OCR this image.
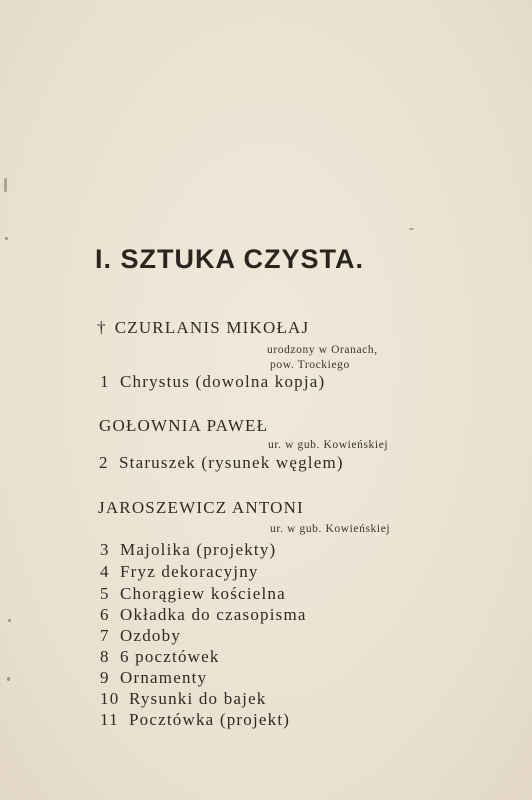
I. SZTUKA CZYSTA.
† CZURLANIS MIKOŁAJ
urodzony w Oranach,
pow. Trockiego
1 Chrystus (dowolna kopja)
GOŁOWNIA PAWEŁ
ur. w gub. Kowieńskiej
2 Staruszek (rysunek węglem)
JAROSZEWICZ ANTONI
ur. w gub. Kowieńskiej
3 Majolika (projekty)
4 Fryz dekoracyjny
5 Chorągiew kościelna
6 Okładka do czasopisma
7 Ozdoby
8 6 pocztówek
9 Ornamenty
10 Rysunki do bajek
11 Pocztówka (projekt)
